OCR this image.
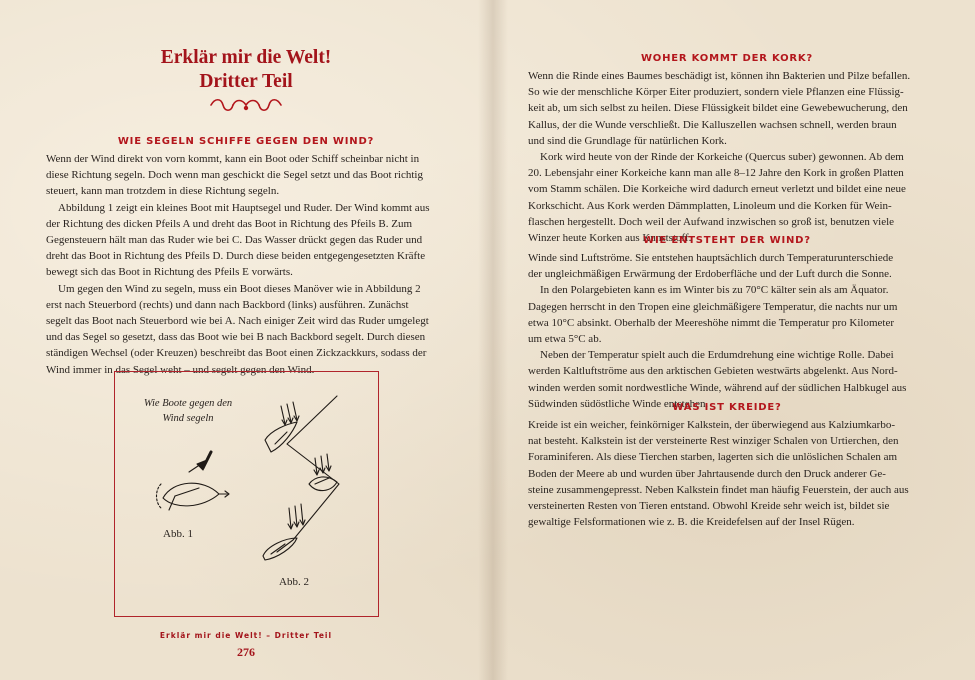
Erklär mir die Welt!
Dritter Teil
WIE SEGELN SCHIFFE GEGEN DEN WIND?

Wenn der Wind direkt von vorn kommt, kann ein Boot oder Schiff scheinbar nicht in

diese Richtung segeln. Doch wenn man geschickt die Segel setzt und das Boot richtig

steuert, kann man trotzdem in diese Richtung segeln.

Abbildung 1 zeigt ein kleines Boot mit Hauptsegel und Ruder. Der Wind kommt aus

der Richtung des dicken Pfeils A und dreht das Boot in Richtung des Pfeils B. Zum

Gegensteuern hält man das Ruder wie bei C. Das Wasser drückt gegen das Ruder und

dreht das Boot in Richtung des Pfeils D. Durch diese beiden entgegengesetzten Kräfte

bewegt sich das Boot in Richtung des Pfeils E vorwärts.

Um gegen den Wind zu segeln, muss ein Boot dieses Manöver wie in Abbildung 2

erst nach Steuerbord (rechts) und dann nach Backbord (links) ausführen. Zunächst

segelt das Boot nach Steuerbord wie bei A. Nach einiger Zeit wird das Ruder umgelegt

und das Segel so gesetzt, dass das Boot wie bei B nach Backbord segelt. Durch diesen

ständigen Wechsel (oder Kreuzen) beschreibt das Boot einen Zickzackkurs, sodass der

Wind immer in das Segel weht – und segelt gegen den Wind.

Wie Boote gegen den Wind segeln
Abb. 1
Abb. 2
Erklär mir die Welt! – Dritter Teil
276
WOHER KOMMT DER KORK?

Wenn die Rinde eines Baumes beschädigt ist, können ihn Bakterien und Pilze befallen.

So wie der menschliche Körper Eiter produziert, sondern viele Pflanzen eine Flüssig-

keit ab, um sich selbst zu heilen. Diese Flüssigkeit bildet eine Gewebewucherung, den

Kallus, der die Wunde verschließt. Die Kalluszellen wachsen schnell, werden braun

und sind die Grundlage für natürlichen Kork.

Kork wird heute von der Rinde der Korkeiche (Quercus suber) gewonnen. Ab dem

20. Lebensjahr einer Korkeiche kann man alle 8–12 Jahre den Kork in großen Platten

vom Stamm schälen. Die Korkeiche wird dadurch erneut verletzt und bildet eine neue

Korkschicht. Aus Kork werden Dämmplatten, Linoleum und die Korken für Wein-

flaschen hergestellt. Doch weil der Aufwand inzwischen so groß ist, benutzen viele

Winzer heute Korken aus Kunststoff.

WIE ENTSTEHT DER WIND?

Winde sind Luftströme. Sie entstehen hauptsächlich durch Temperaturunterschiede

der ungleichmäßigen Erwärmung der Erdoberfläche und der Luft durch die Sonne.

In den Polargebieten kann es im Winter bis zu 70°C kälter sein als am Äquator.

Dagegen herrscht in den Tropen eine gleichmäßigere Temperatur, die nachts nur um

etwa 10°C absinkt. Oberhalb der Meereshöhe nimmt die Temperatur pro Kilometer

um etwa 5°C ab.

Neben der Temperatur spielt auch die Erdumdrehung eine wichtige Rolle. Dabei

werden Kaltluftströme aus den arktischen Gebieten westwärts abgelenkt. Aus Nord-

winden werden somit nordwestliche Winde, während auf der südlichen Halbkugel aus

Südwinden südöstliche Winde entstehen.

WAS IST KREIDE?

Kreide ist ein weicher, feinkörniger Kalkstein, der überwiegend aus Kalziumkarbo-

nat besteht. Kalkstein ist der versteinerte Rest winziger Schalen von Urtierchen, den

Foraminiferen. Als diese Tierchen starben, lagerten sich die unlöslichen Schalen am

Boden der Meere ab und wurden über Jahrtausende durch den Druck anderer Ge-

steine zusammengepresst. Neben Kalkstein findet man häufig Feuerstein, der auch aus

versteinerten Resten von Tieren entstand. Obwohl Kreide sehr weich ist, bildet sie

gewaltige Felsformationen wie z. B. die Kreidefelsen auf der Insel Rügen.
